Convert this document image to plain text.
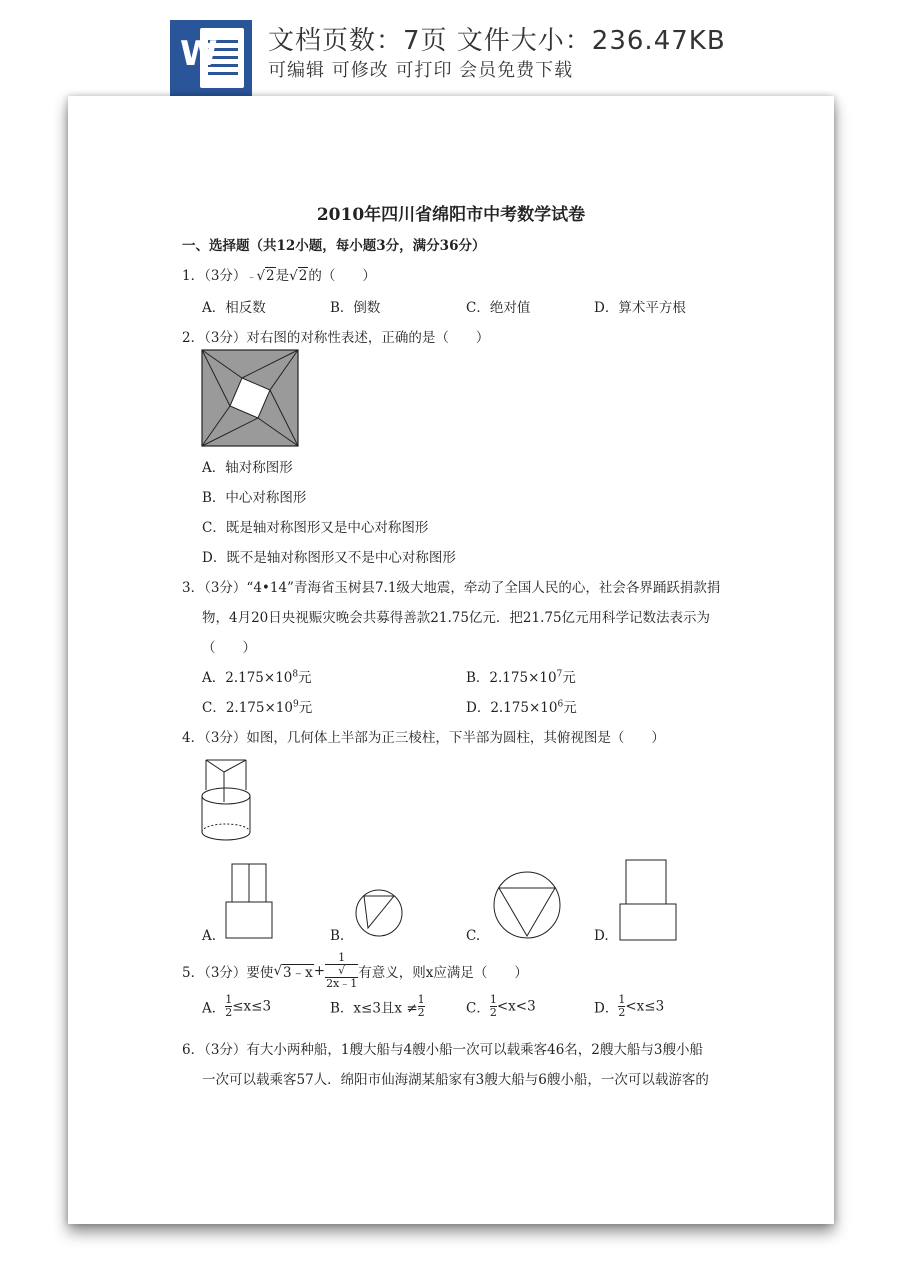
W 文档页数：7页 文件大小：236.47KB
可编辑 可修改 可打印 会员免费下载
2010年四川省绵阳市中考数学试卷
一、选择题（共12小题，每小题3分，满分36分）
1．（3分）﹣√2是√2的（　　）
A．相反数	B．倒数	C．绝对值	D．算术平方根
2．（3分）对右图的对称性表述，正确的是（　　）
A．轴对称图形
B．中心对称图形
C．既是轴对称图形又是中心对称图形
D．既不是轴对称图形又不是中心对称图形
3．（3分）“4•14”青海省玉树县7.1级大地震，牵动了全国人民的心，社会各界踊跃捐款捐
物，4月20日央视赈灾晚会共募得善款21.75亿元．把21.75亿元用科学记数法表示为
（　　）
A．$2.175\times 10^8$元	B．$2.175\times 10^7$元
C．$2.175\times 10^9$元	D．$2.175\times 10^6$元
4．（3分）如图，几何体上半部为正三棱柱，下半部为圆柱，其俯视图是（　　）
A.	B.	C.	D.
5．（3分）要使√3﹣x+ 1
√
2x﹣1 有意义，则x应满足（　　）
A． $\frac{1}{2} \le x\le 3$	B．x≤3且$x \ne \frac{1}{2}$	C． $\frac{1}{2} <x<3$	D． $\frac{1}{2} <x\le 3$
6．（3分）有大小两种船，1艘大船与4艘小船一次可以载乘客46名，2艘大船与3艘小船
一次可以载乘客57人．绵阳市仙海湖某船家有3艘大船与6艘小船，一次可以载游客的
